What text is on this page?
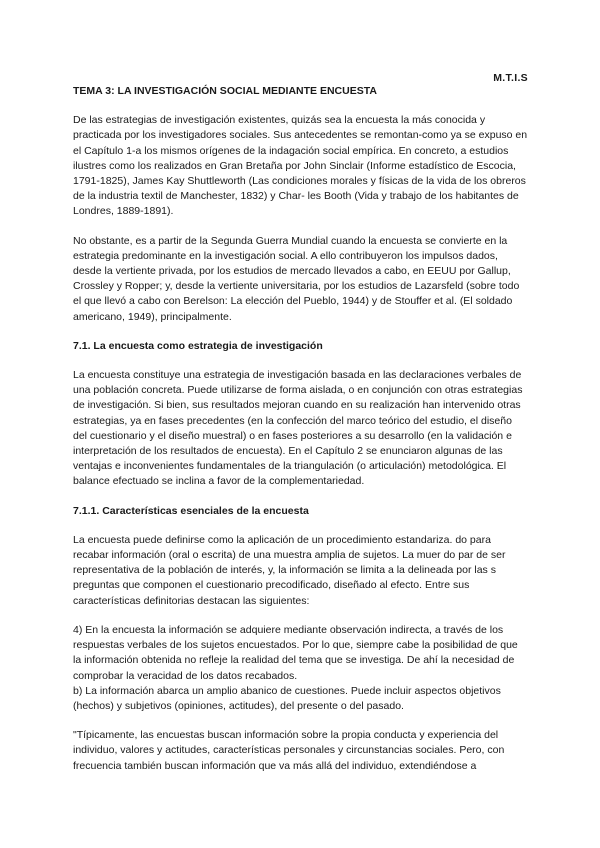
M.T.I.S
TEMA 3: LA INVESTIGACIÓN SOCIAL MEDIANTE ENCUESTA

De las estrategias de investigación existentes, quizás sea la encuesta la más conocida y practicada por los investigadores sociales. Sus antecedentes se remontan-como ya se expuso en el Capítulo 1-a los mismos orígenes de la indagación social empírica. En concreto, a estudios ilustres como los realizados en Gran Bretaña por John Sinclair (Informe estadístico de Escocia, 1791-1825), James Kay Shuttleworth (Las condiciones morales y físicas de la vida de los obreros de la industria textil de Manchester, 1832) y Char- les Booth (Vida y trabajo de los habitantes de Londres, 1889-1891).

No obstante, es a partir de la Segunda Guerra Mundial cuando la encuesta se convierte en la estrategia predominante en la investigación social. A ello contribuyeron los impulsos dados, desde la vertiente privada, por los estudios de mercado llevados a cabo, en EEUU por Gallup, Crossley y Ropper; y, desde la vertiente universitaria, por los estudios de Lazarsfeld (sobre todo el que llevó a cabo con Berelson: La elección del Pueblo, 1944) y de Stouffer et al. (El soldado americano, 1949), principalmente.

7.1. La encuesta como estrategia de investigación

La encuesta constituye una estrategia de investigación basada en las declaraciones verbales de una población concreta. Puede utilizarse de forma aislada, o en conjunción con otras estrategias de investigación. Si bien, sus resultados mejoran cuando en su realización han intervenido otras estrategias, ya en fases precedentes (en la confección del marco teórico del estudio, el diseño del cuestionario y el diseño muestral) o en fases posteriores a su desarrollo (en la validación e interpretación de los resultados de encuesta). En el Capítulo 2 se enunciaron algunas de las ventajas e inconvenientes fundamentales de la triangulación (o articulación) metodológica. El balance efectuado se inclina a favor de la complementariedad.

7.1.1. Características esenciales de la encuesta

La encuesta puede definirse como la aplicación de un procedimiento estandariza. do para recabar información (oral o escrita) de una muestra amplia de sujetos. La muer do par de ser representativa de la población de interés, y, la información se limita a la delineada por las s preguntas que componen el cuestionario precodificado, diseñado al efecto. Entre sus características definitorias destacan las siguientes:

4) En la encuesta la información se adquiere mediante observación indirecta, a través de los respuestas verbales de los sujetos encuestados. Por lo que, siempre cabe la posibilidad de que la información obtenida no refleje la realidad del tema que se investiga. De ahí la necesidad de comprobar la veracidad de los datos recabados.

b) La información abarca un amplio abanico de cuestiones. Puede incluir aspectos objetivos (hechos) y subjetivos (opiniones, actitudes), del presente o del pasado.

"Típicamente, las encuestas buscan información sobre la propia conducta y experiencia del individuo, valores y actitudes, características personales y circunstancias sociales. Pero, con frecuencia también buscan información que va más allá del individuo, extendiéndose a
